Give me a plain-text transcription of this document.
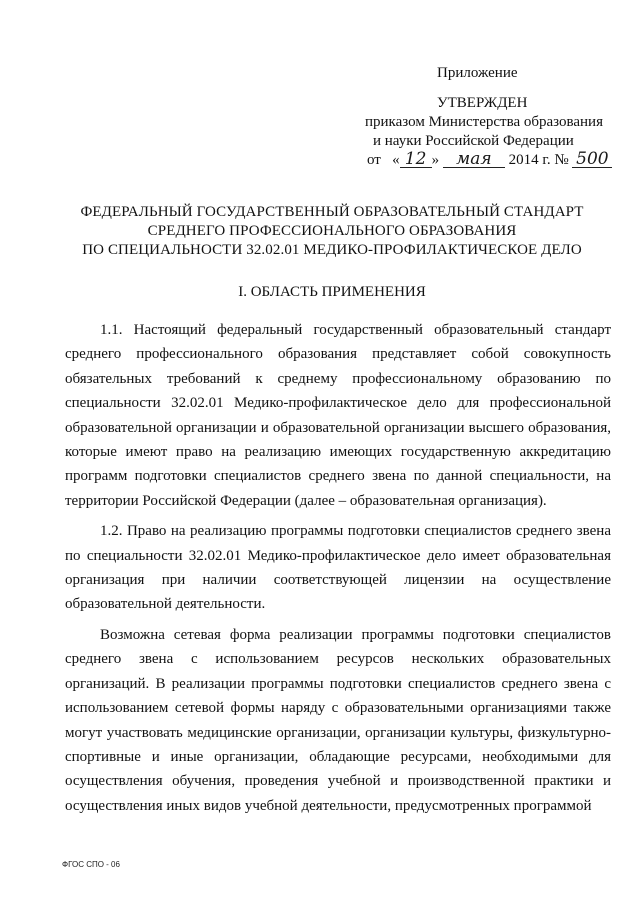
Приложение
УТВЕРЖДЕН
приказом Министерства образования
и науки Российской Федерации
от « 12 » мая 2014 г. № 500
ФЕДЕРАЛЬНЫЙ ГОСУДАРСТВЕННЫЙ ОБРАЗОВАТЕЛЬНЫЙ СТАНДАРТ
СРЕДНЕГО ПРОФЕССИОНАЛЬНОГО ОБРАЗОВАНИЯ
ПО СПЕЦИАЛЬНОСТИ 32.02.01 МЕДИКО-ПРОФИЛАКТИЧЕСКОЕ ДЕЛО
I. ОБЛАСТЬ ПРИМЕНЕНИЯ

1.1. Настоящий федеральный государственный образовательный стандарт среднего профессионального образования представляет собой совокупность обязательных требований к среднему профессиональному образованию по специальности 32.02.01 Медико-профилактическое дело для профессиональной образовательной организации и образовательной организации высшего образования, которые имеют право на реализацию имеющих государственную аккредитацию программ подготовки специалистов среднего звена по данной специальности, на территории Российской Федерации (далее – образовательная организация).

1.2. Право на реализацию программы подготовки специалистов среднего звена по специальности 32.02.01 Медико-профилактическое дело имеет образовательная организация при наличии соответствующей лицензии на осуществление образовательной деятельности.

Возможна сетевая форма реализации программы подготовки специалистов среднего звена с использованием ресурсов нескольких образовательных организаций. В реализации программы подготовки специалистов среднего звена с использованием сетевой формы наряду с образовательными организациями также могут участвовать медицинские организации, организации культуры, физкультурно-спортивные и иные организации, обладающие ресурсами, необходимыми для осуществления обучения, проведения учебной и производственной практики и осуществления иных видов учебной деятельности, предусмотренных программой

ФГОС СПО - 06
